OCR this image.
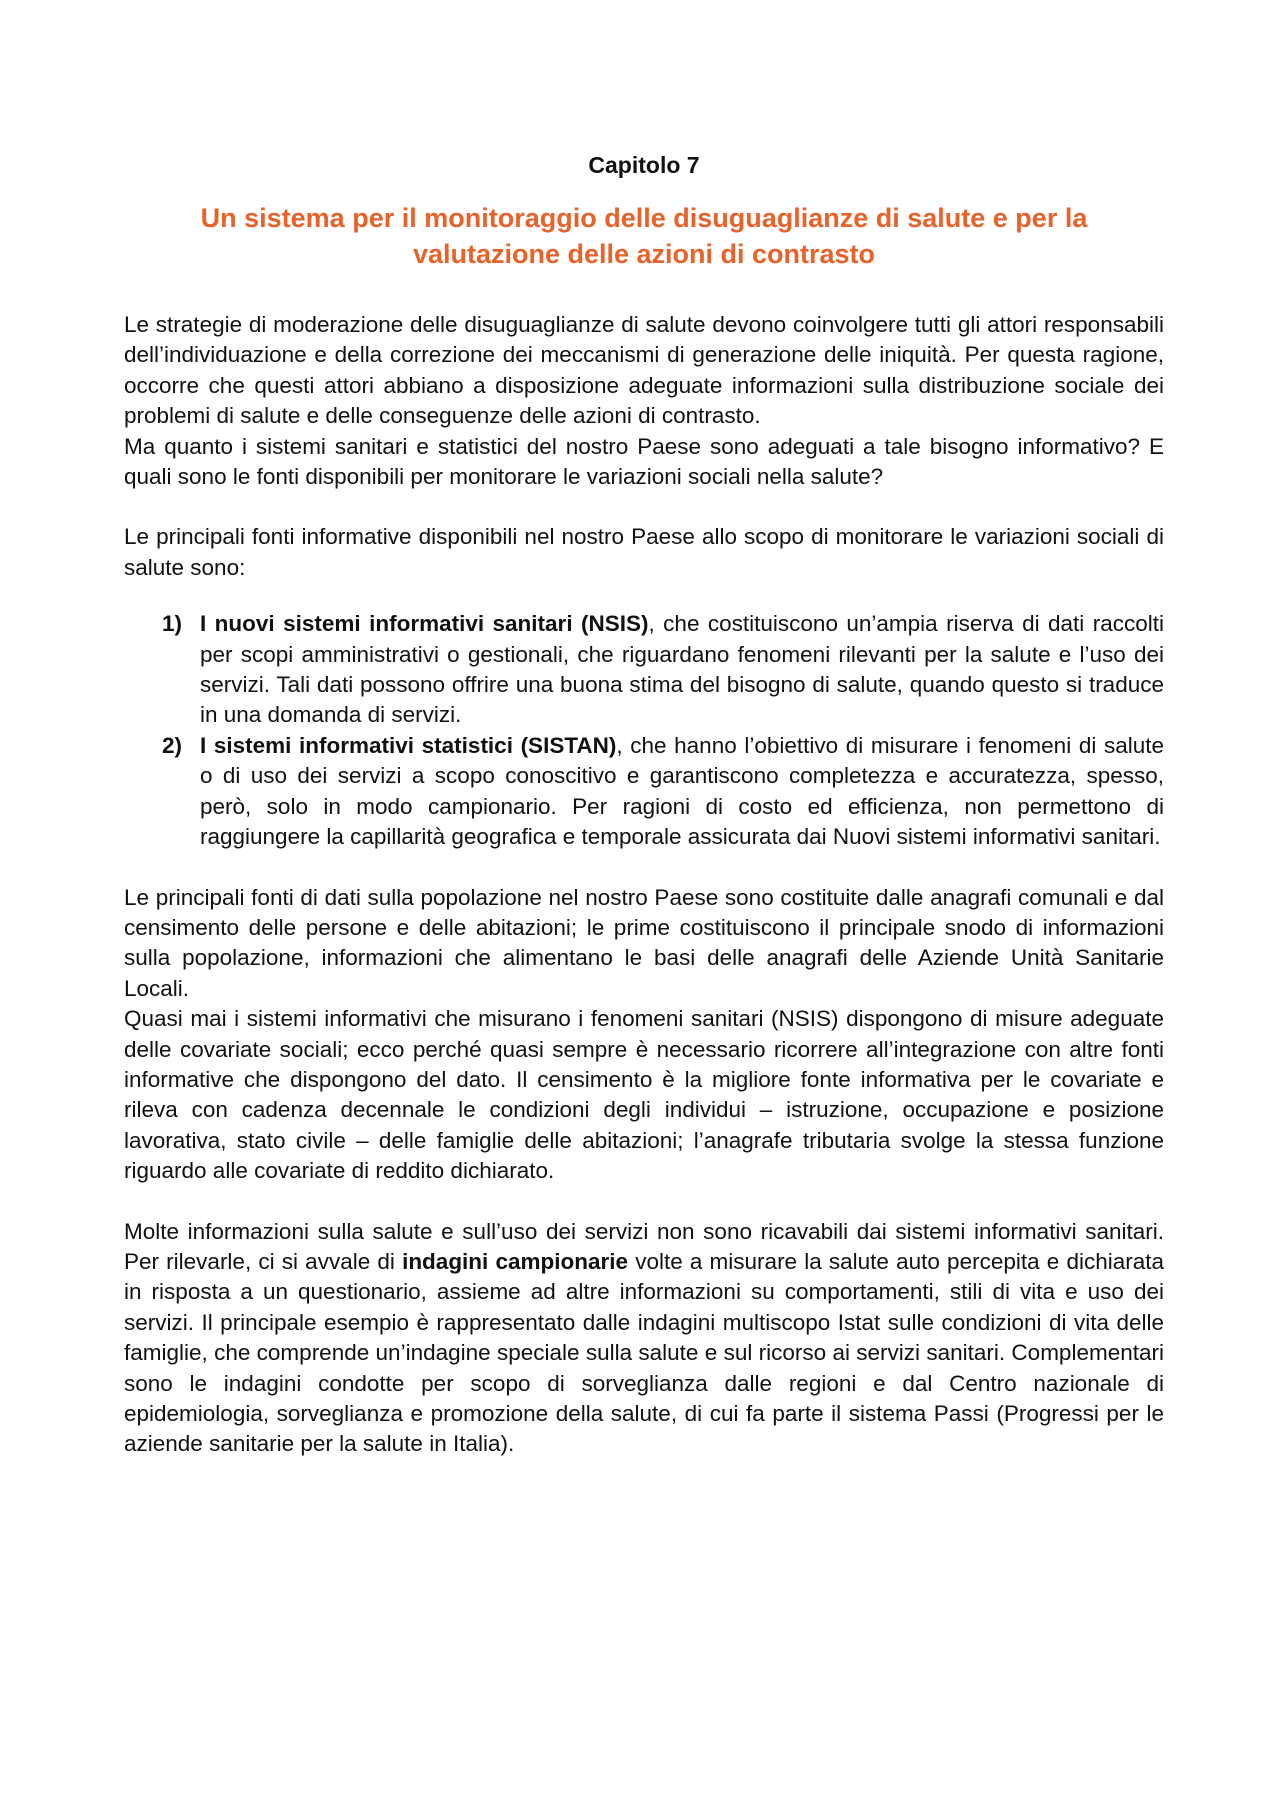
Capitolo 7
Un sistema per il monitoraggio delle disuguaglianze di salute e per la valutazione delle azioni di contrasto

Le strategie di moderazione delle disuguaglianze di salute devono coinvolgere tutti gli attori responsabili dell’individuazione e della correzione dei meccanismi di generazione delle iniquità. Per questa ragione, occorre che questi attori abbiano a disposizione adeguate informazioni sulla distribuzione sociale dei problemi di salute e delle conseguenze delle azioni di contrasto.

Ma quanto i sistemi sanitari e statistici del nostro Paese sono adeguati a tale bisogno informativo? E quali sono le fonti disponibili per monitorare le variazioni sociali nella salute?

Le principali fonti informative disponibili nel nostro Paese allo scopo di monitorare le variazioni sociali di salute sono:

1) I nuovi sistemi informativi sanitari (NSIS), che costituiscono un’ampia riserva di dati raccolti per scopi amministrativi o gestionali, che riguardano fenomeni rilevanti per la salute e l’uso dei servizi. Tali dati possono offrire una buona stima del bisogno di salute, quando questo si traduce in una domanda di servizi.
2) I sistemi informativi statistici (SISTAN), che hanno l’obiettivo di misurare i fenomeni di salute o di uso dei servizi a scopo conoscitivo e garantiscono completezza e accuratezza, spesso, però, solo in modo campionario. Per ragioni di costo ed efficienza, non permettono di raggiungere la capillarità geografica e temporale assicurata dai Nuovi sistemi informativi sanitari.

Le principali fonti di dati sulla popolazione nel nostro Paese sono costituite dalle anagrafi comunali e dal censimento delle persone e delle abitazioni; le prime costituiscono il principale snodo di informazioni sulla popolazione, informazioni che alimentano le basi delle anagrafi delle Aziende Unità Sanitarie Locali.

Quasi mai i sistemi informativi che misurano i fenomeni sanitari (NSIS) dispongono di misure adeguate delle covariate sociali; ecco perché quasi sempre è necessario ricorrere all’integrazione con altre fonti informative che dispongono del dato. Il censimento è la migliore fonte informativa per le covariate e rileva con cadenza decennale le condizioni degli individui – istruzione, occupazione e posizione lavorativa, stato civile – delle famiglie delle abitazioni; l’anagrafe tributaria svolge la stessa funzione riguardo alle covariate di reddito dichiarato.

Molte informazioni sulla salute e sull’uso dei servizi non sono ricavabili dai sistemi informativi sanitari. Per rilevarle, ci si avvale di indagini campionarie volte a misurare la salute auto percepita e dichiarata in risposta a un questionario, assieme ad altre informazioni su comportamenti, stili di vita e uso dei servizi. Il principale esempio è rappresentato dalle indagini multiscopo Istat sulle condizioni di vita delle famiglie, che comprende un’indagine speciale sulla salute e sul ricorso ai servizi sanitari. Complementari sono le indagini condotte per scopo di sorveglianza dalle regioni e dal Centro nazionale di epidemiologia, sorveglianza e promozione della salute, di cui fa parte il sistema Passi (Progressi per le aziende sanitarie per la salute in Italia).
